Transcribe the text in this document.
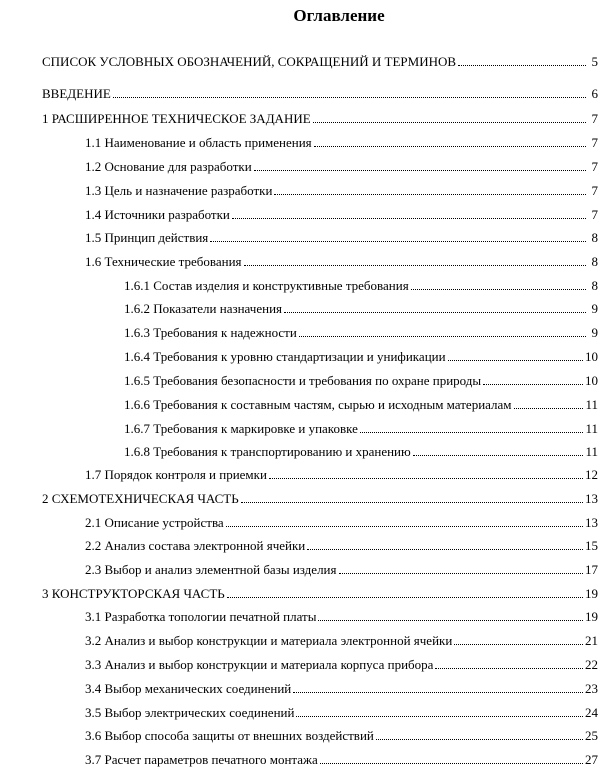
Оглавление
СПИСОК УСЛОВНЫХ ОБОЗНАЧЕНИЙ, СОКРАЩЕНИЙ И ТЕРМИНОВ	5
ВВЕДЕНИЕ	6
1 РАСШИРЕННОЕ ТЕХНИЧЕСКОЕ ЗАДАНИЕ	7
1.1 Наименование и область применения	7
1.2 Основание для разработки	7
1.3 Цель и назначение разработки	7
1.4 Источники разработки	7
1.5 Принцип действия	8
1.6 Технические требования	8
1.6.1 Состав изделия и конструктивные требования	8
1.6.2 Показатели назначения	9
1.6.3 Требования к надежности	9
1.6.4 Требования к уровню стандартизации и унификации	10
1.6.5 Требования безопасности и требования по охране природы	10
1.6.6 Требования к составным частям, сырью и исходным материалам	11
1.6.7 Требования к маркировке и упаковке	11
1.6.8 Требования к транспортированию и хранению	11
1.7 Порядок контроля и приемки	12
2 СХЕМОТЕХНИЧЕСКАЯ ЧАСТЬ	13
2.1 Описание устройства	13
2.2 Анализ состава электронной ячейки	15
2.3 Выбор и анализ элементной базы изделия	17
3 КОНСТРУКТОРСКАЯ ЧАСТЬ	19
3.1 Разработка топологии печатной платы	19
3.2 Анализ и выбор конструкции и материала электронной ячейки	21
3.3 Анализ и выбор конструкции и материала корпуса прибора	22
3.4 Выбор механических соединений	23
3.5 Выбор электрических соединений	24
3.6 Выбор способа защиты от внешних воздействий	25
3.7 Расчет параметров печатного монтажа	27
